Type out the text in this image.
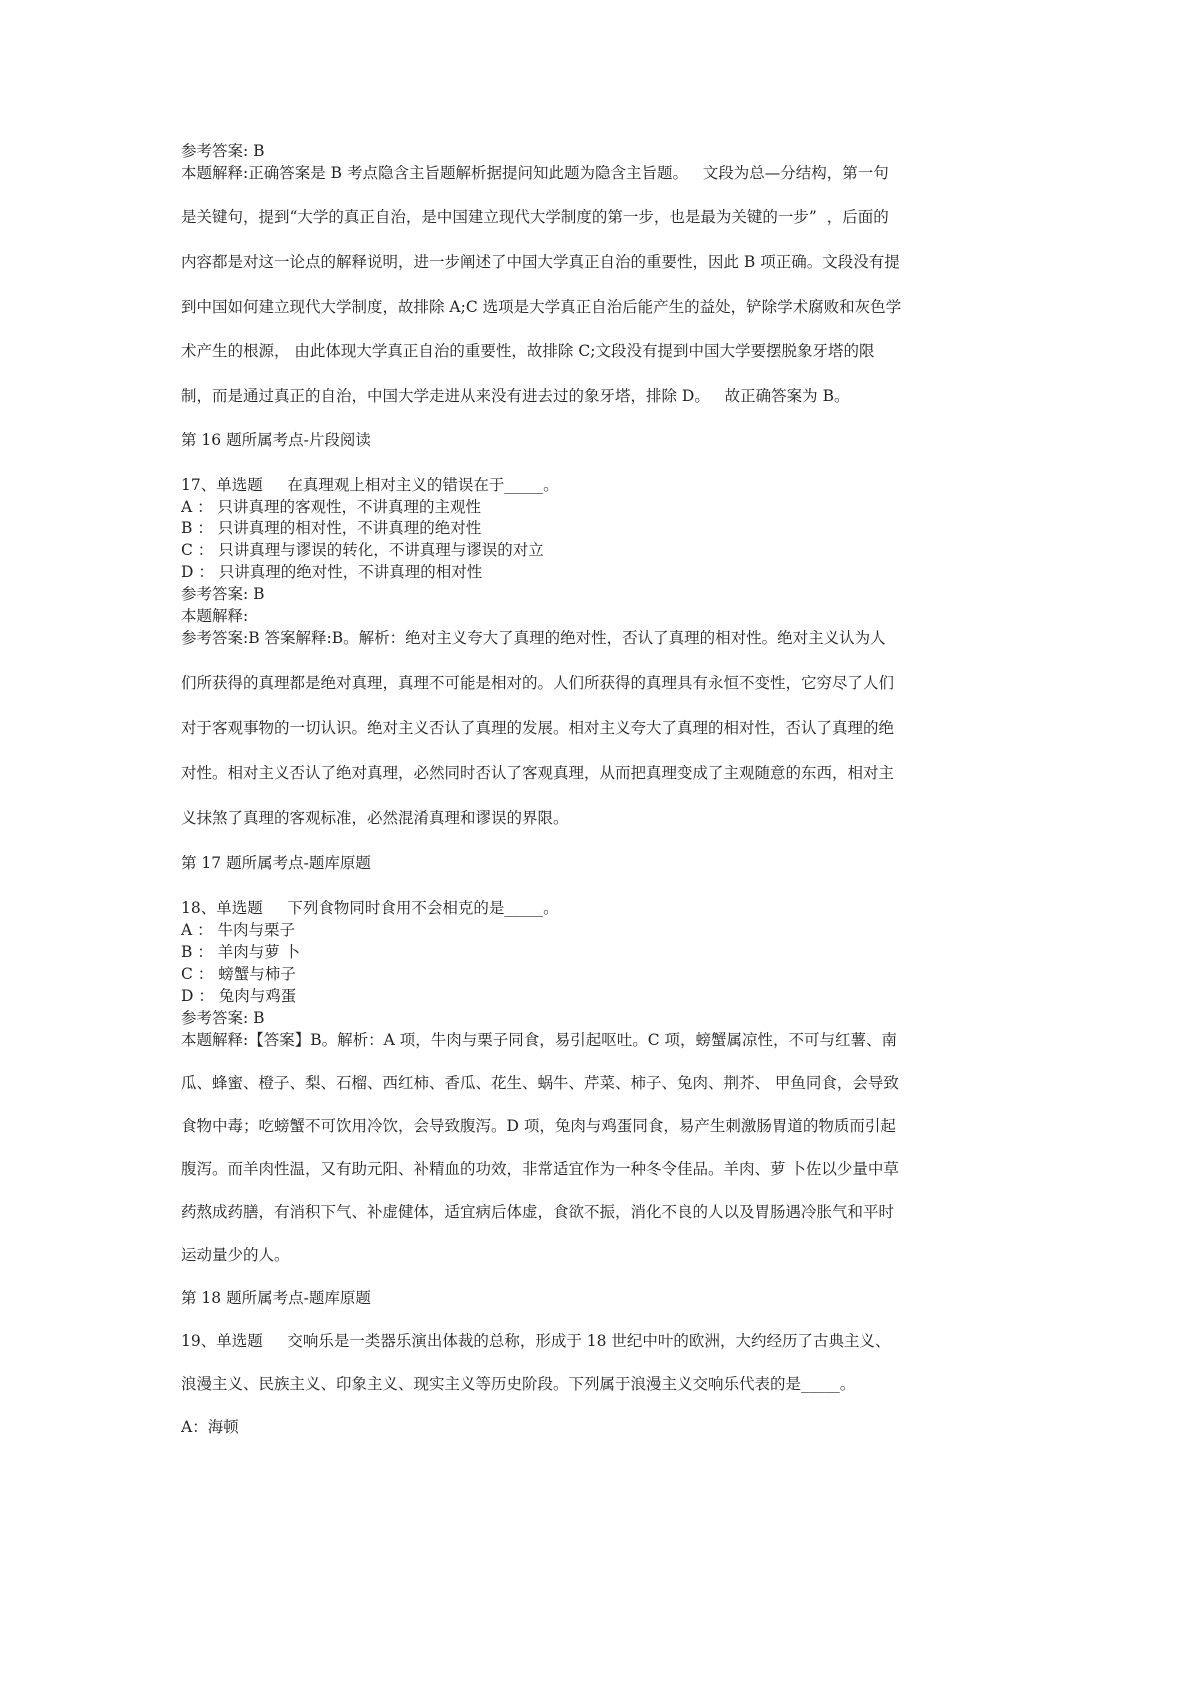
参考答案: B
本题解释:正确答案是 B 考点隐含主旨题解析据提问知此题为隐含主旨题。   文段为总—分结构，第一句
是关键句，提到“大学的真正自治，是中国建立现代大学制度的第一步，也是最为关键的一步”  ，后面的
内容都是对这一论点的解释说明，进一步阐述了中国大学真正自治的重要性，因此 B 项正确。文段没有提
到中国如何建立现代大学制度，故排除 A;C 选项是大学真正自治后能产生的益处，铲除学术腐败和灰色学
术产生的根源， 由此体现大学真正自治的重要性，故排除 C;文段没有提到中国大学要摆脱象牙塔的限
制，而是通过真正的自治，中国大学走进从来没有进去过的象牙塔，排除 D。   故正确答案为 B。
第 16 题所属考点-片段阅读
17、单选题     在真理观上相对主义的错误在于_____。
A ： 只讲真理的客观性，不讲真理的主观性
B ： 只讲真理的相对性，不讲真理的绝对性
C ： 只讲真理与谬误的转化，不讲真理与谬误的对立
D ： 只讲真理的绝对性，不讲真理的相对性
参考答案: B
本题解释:
参考答案:B 答案解释:B。解析：绝对主义夸大了真理的绝对性，否认了真理的相对性。绝对主义认为人
们所获得的真理都是绝对真理，真理不可能是相对的。人们所获得的真理具有永恒不变性，它穷尽了人们
对于客观事物的一切认识。绝对主义否认了真理的发展。相对主义夸大了真理的相对性，否认了真理的绝
对性。相对主义否认了绝对真理，必然同时否认了客观真理，从而把真理变成了主观随意的东西，相对主
义抹煞了真理的客观标准，必然混淆真理和谬误的界限。
第 17 题所属考点-题库原题
18、单选题     下列食物同时食用不会相克的是_____。
A ： 牛肉与栗子
B ： 羊肉与萝 卜
C ： 螃蟹与柿子
D ： 兔肉与鸡蛋
参考答案: B
本题解释:【答案】B。解析：A 项，牛肉与栗子同食，易引起呕吐。C 项，螃蟹属凉性，不可与红薯、南
瓜、蜂蜜、橙子、梨、石榴、西红柿、香瓜、花生、蜗牛、芹菜、柿子、兔肉、荆芥、 甲鱼同食，会导致
食物中毒；吃螃蟹不可饮用冷饮，会导致腹泻。D 项，兔肉与鸡蛋同食，易产生刺激肠胃道的物质而引起
腹泻。而羊肉性温，又有助元阳、补精血的功效，非常适宜作为一种冬令佳品。羊肉、萝 卜佐以少量中草
药熬成药膳，有消积下气、补虚健体，适宜病后体虚，食欲不振，消化不良的人以及胃肠遇冷胀气和平时
运动量少的人。
第 18 题所属考点-题库原题
19、单选题     交响乐是一类器乐演出体裁的总称，形成于 18 世纪中叶的欧洲，大约经历了古典主义、
浪漫主义、民族主义、印象主义、现实主义等历史阶段。下列属于浪漫主义交响乐代表的是_____。
A：海顿
